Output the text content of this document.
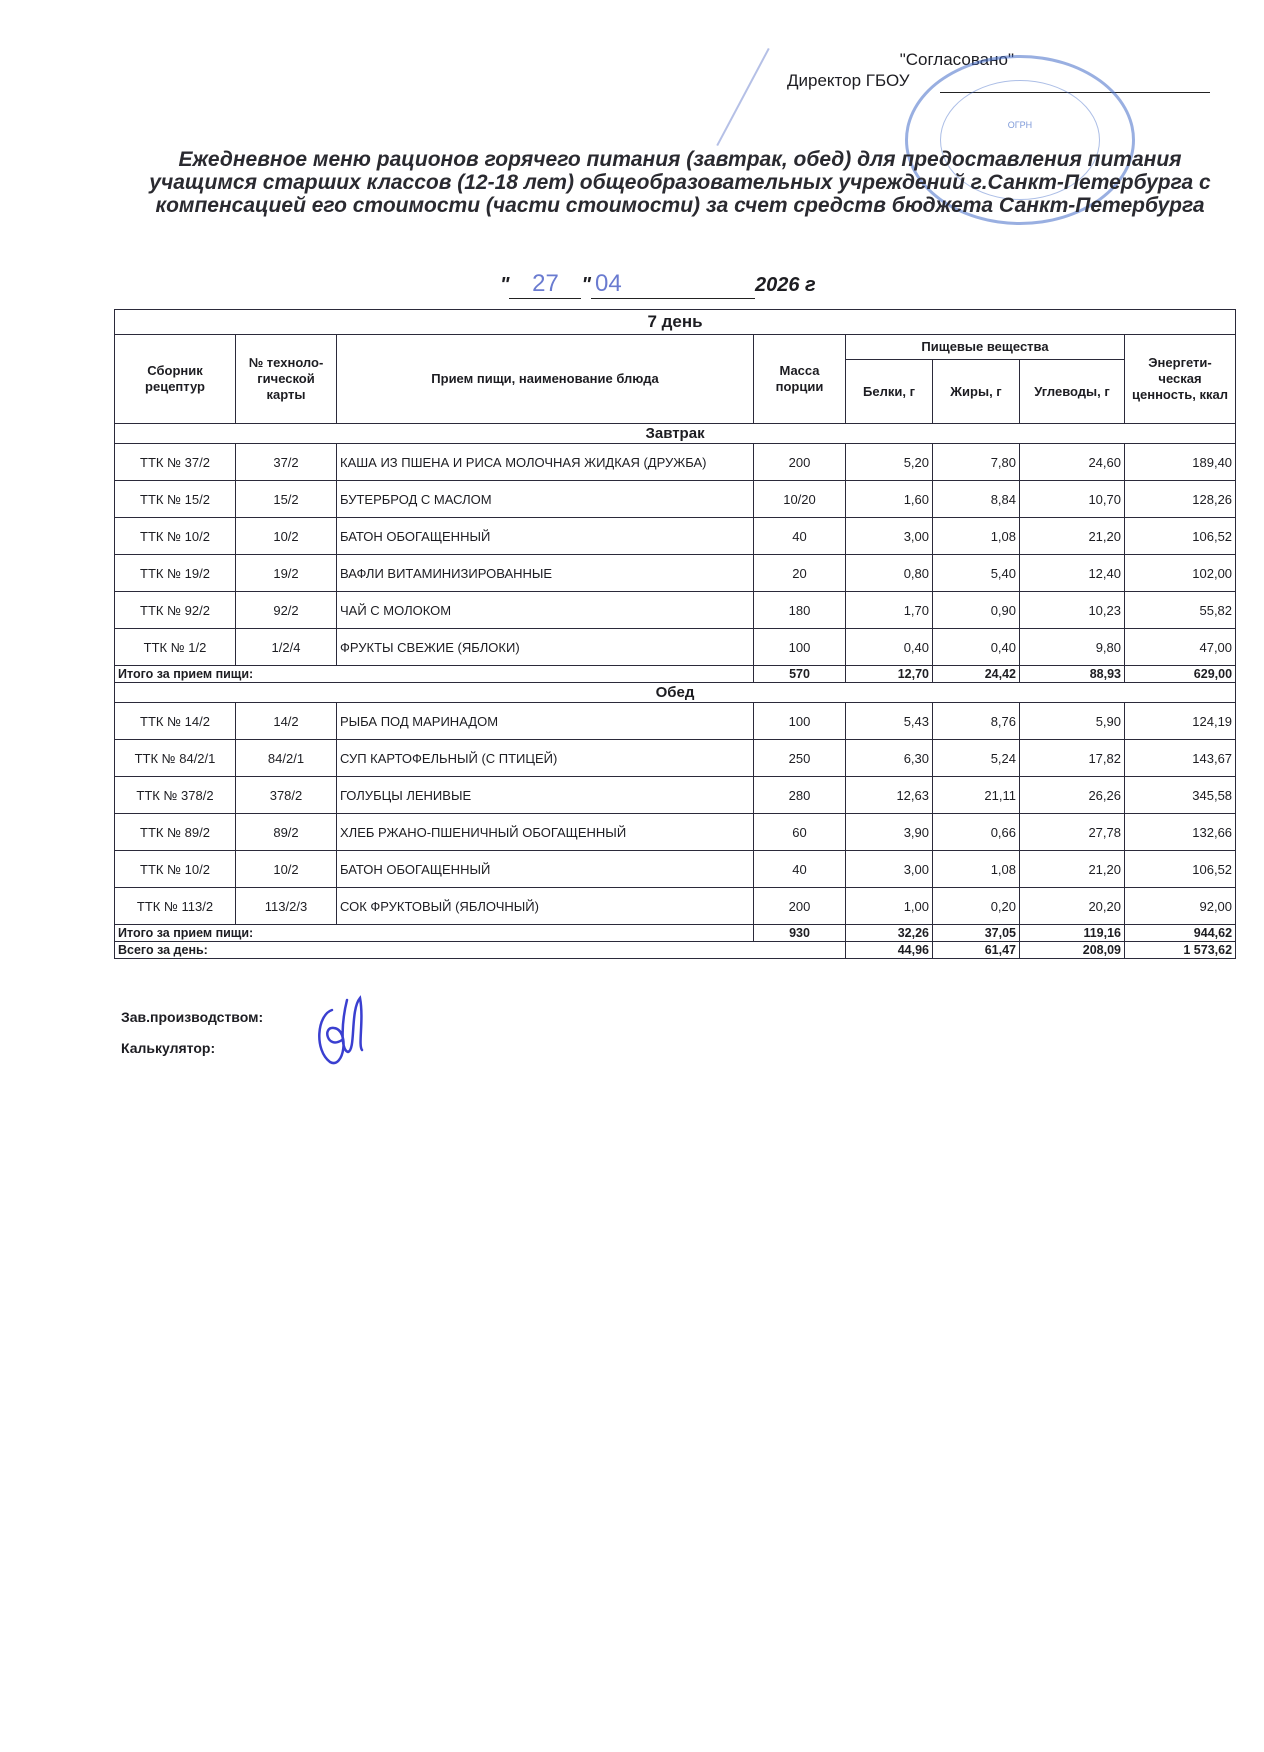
"Согласовано"
Директор ГБОУ
ОГРН
Ежедневное меню рационов горячего питания (завтрак, обед) для предоставления питания учащимся старших классов (12-18 лет) общеобразовательных учреждений г.Санкт-Петербурга с компенсацией его стоимости (части стоимости) за счет средств бюджета Санкт-Петербурга
" 27 " 04	2026 г
7 день							
Сборник рецептур	№ техноло-гической карты	Прием пищи, наименование блюда	Масса порции	Пищевые вещества			Энергети-ческая ценность, ккал
				Белки, г	Жиры, г	Углеводы, г	
Завтрак							
ТТК № 37/2	37/2	КАША ИЗ ПШЕНА И РИСА МОЛОЧНАЯ ЖИДКАЯ (ДРУЖБА)	200	5,20	7,80	24,60	189,40
ТТК № 15/2	15/2	БУТЕРБРОД С МАСЛОМ	10/20	1,60	8,84	10,70	128,26
ТТК № 10/2	10/2	БАТОН ОБОГАЩЕННЫЙ	40	3,00	1,08	21,20	106,52
ТТК № 19/2	19/2	ВАФЛИ ВИТАМИНИЗИРОВАННЫЕ	20	0,80	5,40	12,40	102,00
ТТК № 92/2	92/2	ЧАЙ С МОЛОКОМ	180	1,70	0,90	10,23	55,82
ТТК № 1/2	1/2/4	ФРУКТЫ СВЕЖИЕ (ЯБЛОКИ)	100	0,40	0,40	9,80	47,00
Итого за прием пищи:			570	12,70	24,42	88,93	629,00
Обед							
ТТК № 14/2	14/2	РЫБА ПОД МАРИНАДОМ	100	5,43	8,76	5,90	124,19
ТТК № 84/2/1	84/2/1	СУП КАРТОФЕЛЬНЫЙ (С ПТИЦЕЙ)	250	6,30	5,24	17,82	143,67
ТТК № 378/2	378/2	ГОЛУБЦЫ ЛЕНИВЫЕ	280	12,63	21,11	26,26	345,58
ТТК № 89/2	89/2	ХЛЕБ РЖАНО-ПШЕНИЧНЫЙ ОБОГАЩЕННЫЙ	60	3,90	0,66	27,78	132,66
ТТК № 10/2	10/2	БАТОН ОБОГАЩЕННЫЙ	40	3,00	1,08	21,20	106,52
ТТК № 113/2	113/2/3	СОК ФРУКТОВЫЙ (ЯБЛОЧНЫЙ)	200	1,00	0,20	20,20	92,00
Итого за прием пищи:			930	32,26	37,05	119,16	944,62
Всего за день:				44,96	61,47	208,09	1 573,62
Зав.производством:
Калькулятор:
